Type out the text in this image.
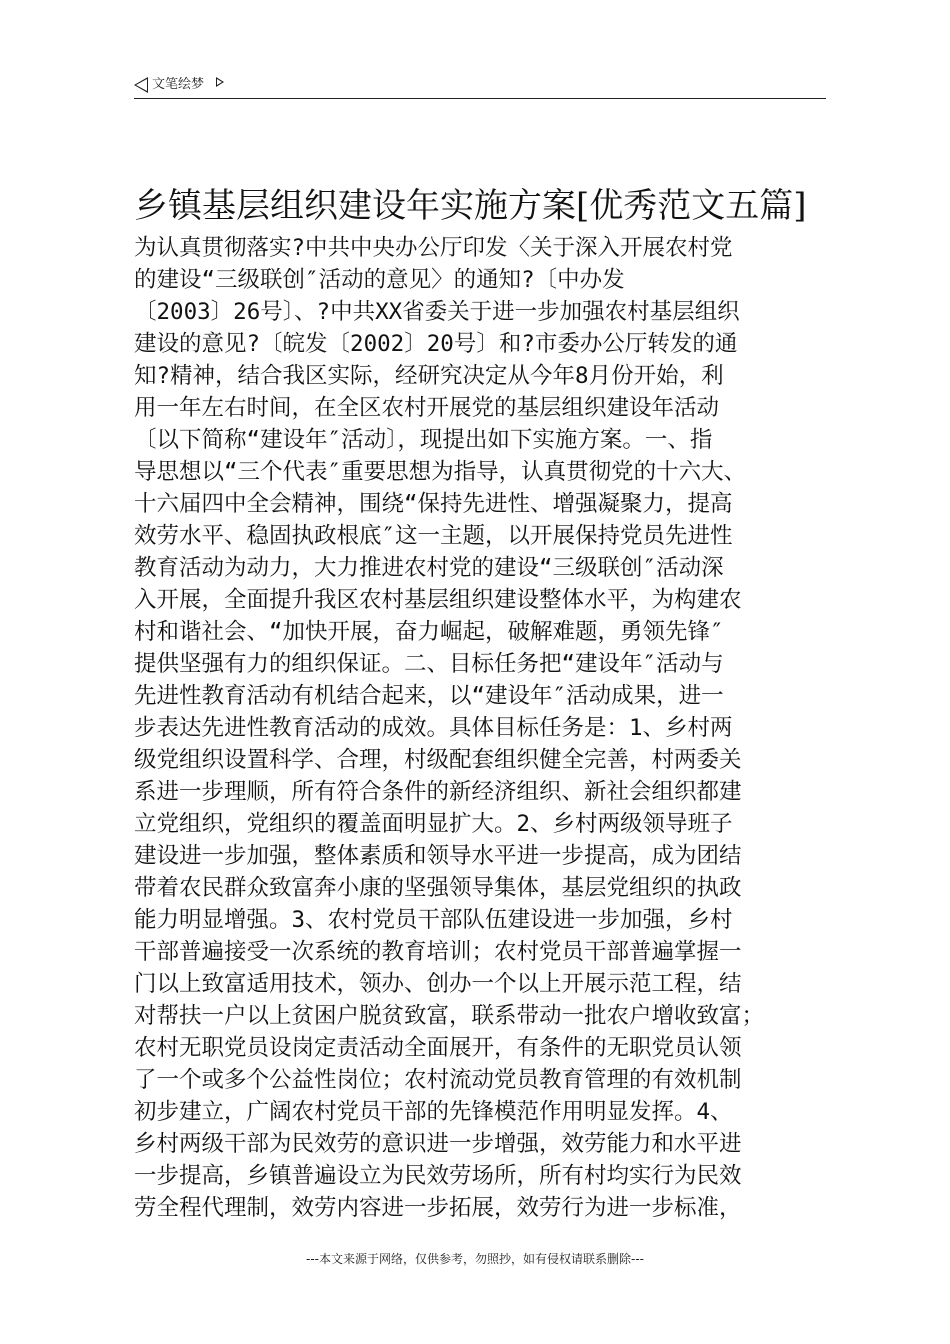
文笔绘梦
乡镇基层组织建设年实施方案[优秀范文五篇]
为认真贯彻落实?中共中央办公厅印发〈关于深入开展农村党
的建设“三级联创″活动的意见〉的通知?〔中办发
〔2003〕26号〕、?中共XX省委关于进一步加强农村基层组织
建设的意见?〔皖发〔2002〕20号〕和?市委办公厅转发的通
知?精神，结合我区实际，经研究决定从今年8月份开始，利
用一年左右时间，在全区农村开展党的基层组织建设年活动
〔以下简称“建设年″活动〕，现提出如下实施方案。一、指
导思想以“三个代表″重要思想为指导，认真贯彻党的十六大、
十六届四中全会精神，围绕“保持先进性、增强凝聚力，提高
效劳水平、稳固执政根底″这一主题，以开展保持党员先进性
教育活动为动力，大力推进农村党的建设“三级联创″活动深
入开展，全面提升我区农村基层组织建设整体水平，为构建农
村和谐社会、“加快开展，奋力崛起，破解难题，勇领先锋″
提供坚强有力的组织保证。二、目标任务把“建设年″活动与
先进性教育活动有机结合起来，以“建设年″活动成果，进一
步表达先进性教育活动的成效。具体目标任务是：1、乡村两
级党组织设置科学、合理，村级配套组织健全完善，村两委关
系进一步理顺，所有符合条件的新经济组织、新社会组织都建
立党组织，党组织的覆盖面明显扩大。2、乡村两级领导班子
建设进一步加强，整体素质和领导水平进一步提高，成为团结
带着农民群众致富奔小康的坚强领导集体，基层党组织的执政
能力明显增强。3、农村党员干部队伍建设进一步加强，乡村
干部普遍接受一次系统的教育培训；农村党员干部普遍掌握一
门以上致富适用技术，领办、创办一个以上开展示范工程，结
对帮扶一户以上贫困户脱贫致富，联系带动一批农户增收致富；
农村无职党员设岗定责活动全面展开，有条件的无职党员认领
了一个或多个公益性岗位；农村流动党员教育管理的有效机制
初步建立，广阔农村党员干部的先锋模范作用明显发挥。4、
乡村两级干部为民效劳的意识进一步增强，效劳能力和水平进
一步提高，乡镇普遍设立为民效劳场所，所有村均实行为民效
劳全程代理制，效劳内容进一步拓展，效劳行为进一步标准，
---本文来源于网络，仅供参考，勿照抄，如有侵权请联系删除---
